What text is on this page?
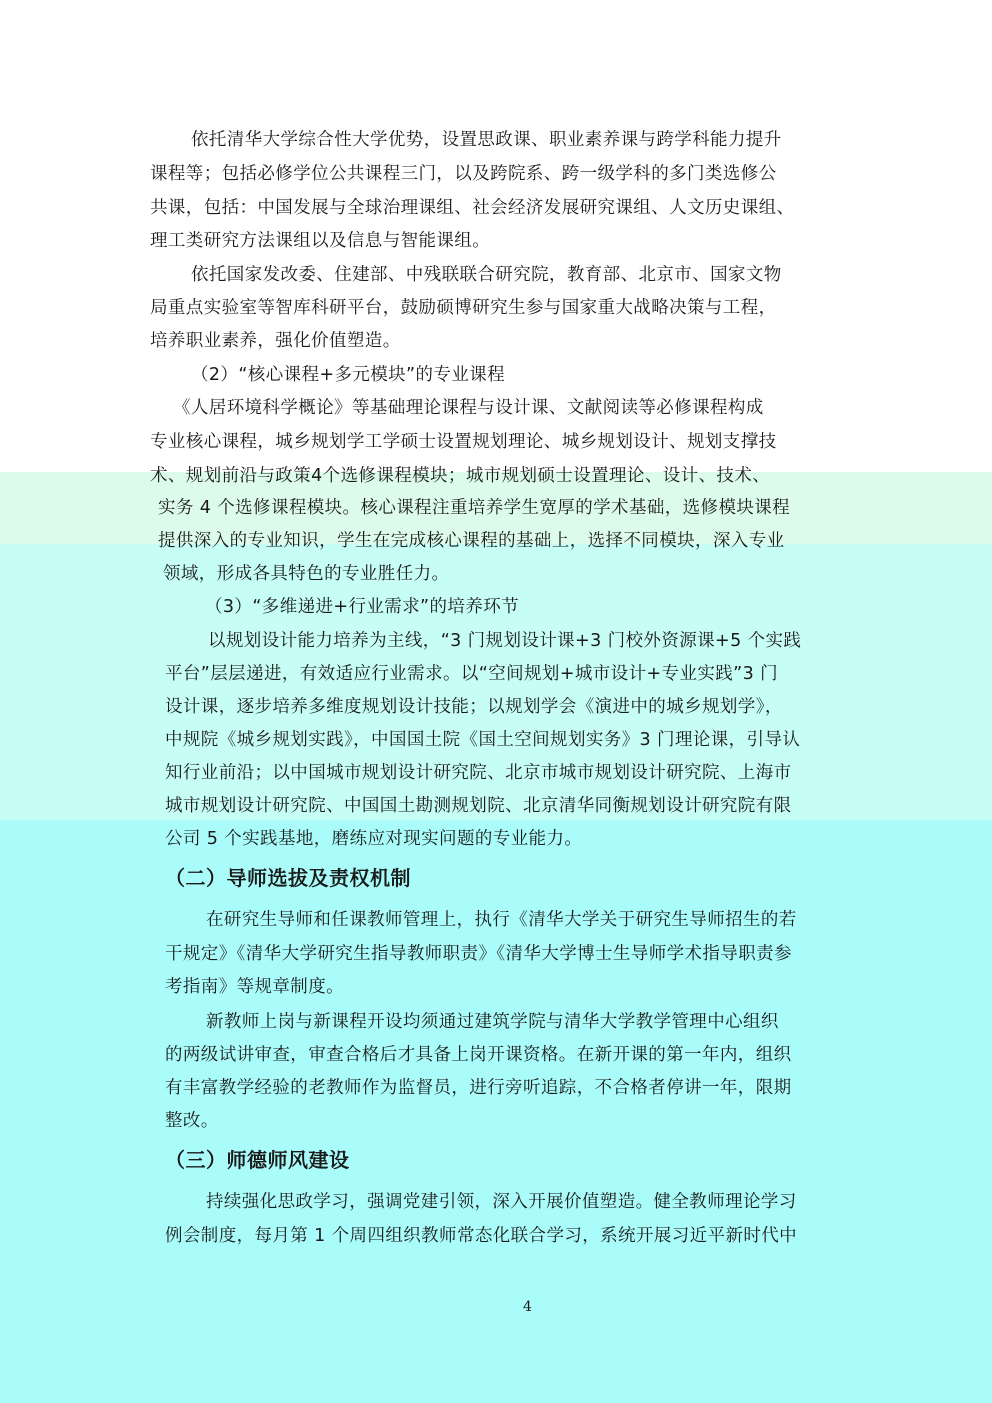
依托清华大学综合性大学优势，设置思政课、职业素养课与跨学科能力提升
课程等；包括必修学位公共课程三门，以及跨院系、跨一级学科的多门类选修公
共课，包括：中国发展与全球治理课组、社会经济发展研究课组、人文历史课组、
理工类研究方法课组以及信息与智能课组。
依托国家发改委、住建部、中残联联合研究院，教育部、北京市、国家文物
局重点实验室等智库科研平台，鼓励硕博研究生参与国家重大战略决策与工程，
培养职业素养，强化价值塑造。
（2）“核心课程+多元模块”的专业课程
《人居环境科学概论》等基础理论课程与设计课、文献阅读等必修课程构成
专业核心课程，城乡规划学工学硕士设置规划理论、城乡规划设计、规划支撑技
术、规划前沿与政策4个选修课程模块；城市规划硕士设置理论、设计、技术、
实务 4 个选修课程模块。核心课程注重培养学生宽厚的学术基础，选修模块课程
提供深入的专业知识，学生在完成核心课程的基础上，选择不同模块，深入专业
领域，形成各具特色的专业胜任力。
（3）“多维递进+行业需求”的培养环节
以规划设计能力培养为主线，“3 门规划设计课+3 门校外资源课+5 个实践
平台”层层递进，有效适应行业需求。以“空间规划+城市设计+专业实践”3 门
设计课，逐步培养多维度规划设计技能；以规划学会《演进中的城乡规划学》，
中规院《城乡规划实践》，中国国土院《国土空间规划实务》3 门理论课，引导认
知行业前沿；以中国城市规划设计研究院、北京市城市规划设计研究院、上海市
城市规划设计研究院、中国国土勘测规划院、北京清华同衡规划设计研究院有限
公司 5 个实践基地，磨练应对现实问题的专业能力。
（二）导师选拔及责权机制
在研究生导师和任课教师管理上，执行《清华大学关于研究生导师招生的若
干规定》《清华大学研究生指导教师职责》《清华大学博士生导师学术指导职责参
考指南》等规章制度。
新教师上岗与新课程开设均须通过建筑学院与清华大学教学管理中心组织
的两级试讲审查，审查合格后才具备上岗开课资格。在新开课的第一年内，组织
有丰富教学经验的老教师作为监督员，进行旁听追踪，不合格者停讲一年，限期
整改。
（三）师德师风建设
持续强化思政学习，强调党建引领，深入开展价值塑造。健全教师理论学习
例会制度，每月第 1 个周四组织教师常态化联合学习，系统开展习近平新时代中
4
